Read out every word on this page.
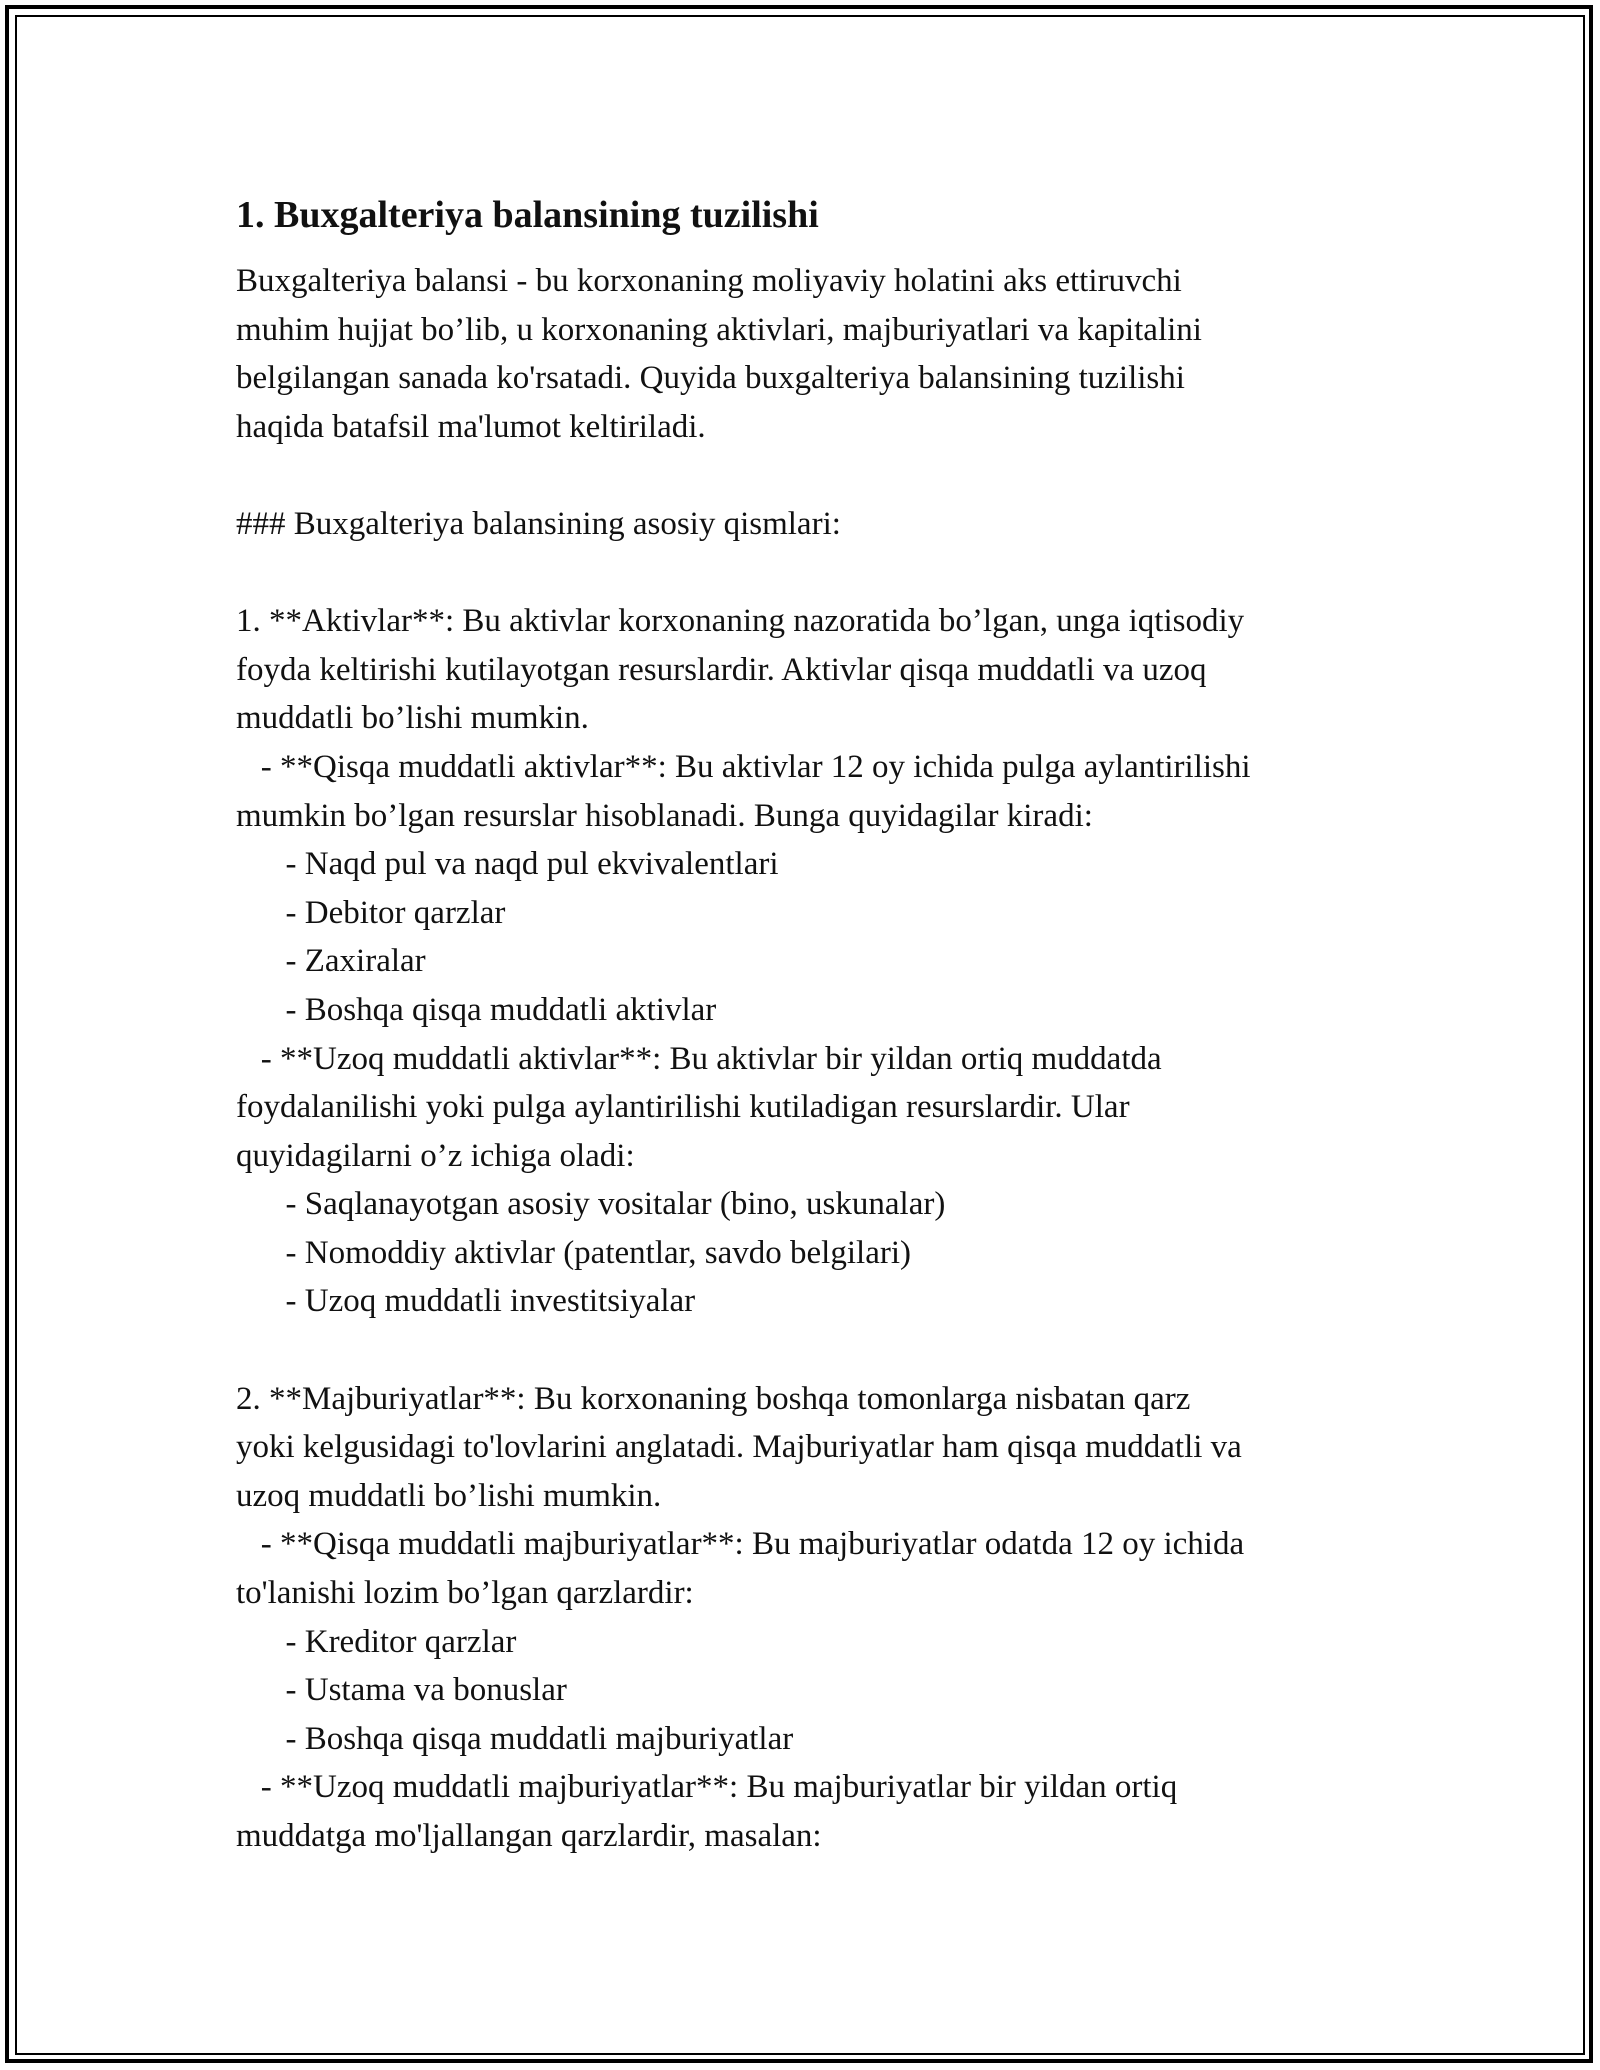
1. Buxgalteriya balansining tuzilishi
Buxgalteriya balansi - bu korxonaning moliyaviy holatini aks ettiruvchi
muhim hujjat bo’lib, u korxonaning aktivlari, majburiyatlari va kapitalini
belgilangan sanada ko'rsatadi. Quyida buxgalteriya balansining tuzilishi
haqida batafsil ma'lumot keltiriladi.
### Buxgalteriya balansining asosiy qismlari:
1. **Aktivlar**: Bu aktivlar korxonaning nazoratida bo’lgan, unga iqtisodiy
foyda keltirishi kutilayotgan resurslardir. Aktivlar qisqa muddatli va uzoq
muddatli bo’lishi mumkin.
- **Qisqa muddatli aktivlar**: Bu aktivlar 12 oy ichida pulga aylantirilishi
mumkin bo’lgan resurslar hisoblanadi. Bunga quyidagilar kiradi:
- Naqd pul va naqd pul ekvivalentlari
- Debitor qarzlar
- Zaxiralar
- Boshqa qisqa muddatli aktivlar
- **Uzoq muddatli aktivlar**: Bu aktivlar bir yildan ortiq muddatda
foydalanilishi yoki pulga aylantirilishi kutiladigan resurslardir. Ular
quyidagilarni o’z ichiga oladi:
- Saqlanayotgan asosiy vositalar (bino, uskunalar)
- Nomoddiy aktivlar (patentlar, savdo belgilari)
- Uzoq muddatli investitsiyalar
2. **Majburiyatlar**: Bu korxonaning boshqa tomonlarga nisbatan qarz
yoki kelgusidagi to'lovlarini anglatadi. Majburiyatlar ham qisqa muddatli va
uzoq muddatli bo’lishi mumkin.
- **Qisqa muddatli majburiyatlar**: Bu majburiyatlar odatda 12 oy ichida
to'lanishi lozim bo’lgan qarzlardir:
- Kreditor qarzlar
- Ustama va bonuslar
- Boshqa qisqa muddatli majburiyatlar
- **Uzoq muddatli majburiyatlar**: Bu majburiyatlar bir yildan ortiq
muddatga mo'ljallangan qarzlardir, masalan:
